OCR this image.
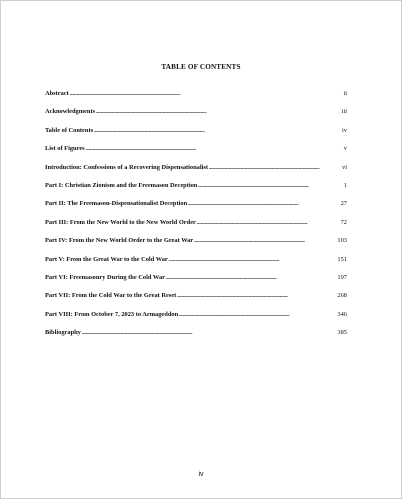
TABLE OF CONTENTS
Abstract . . .	ii
Acknowledgments . . .	iii
Table of Contents . . .	iv
List of Figures . . .	v
Introduction: Confessions of a Recovering Dispensationalist . . .	vi
Part I: Christian Zionism and the Freemason Deception . . .	1
Part II: The Freemason-Dispensationalist Deception . . .	27
Part III: From the New World to the New World Order . . .	72
Part IV: From the New World Order to the Great War . . .	103
Part V: From the Great War to the Cold War . . .	151
Part VI: Freemasonry During the Cold War . . .	197
Part VII: From the Cold War to the Great Reset . . .	268
Part VIII: From October 7, 2023 to Armageddon . . .	346
Bibliography . . .	385
iv
